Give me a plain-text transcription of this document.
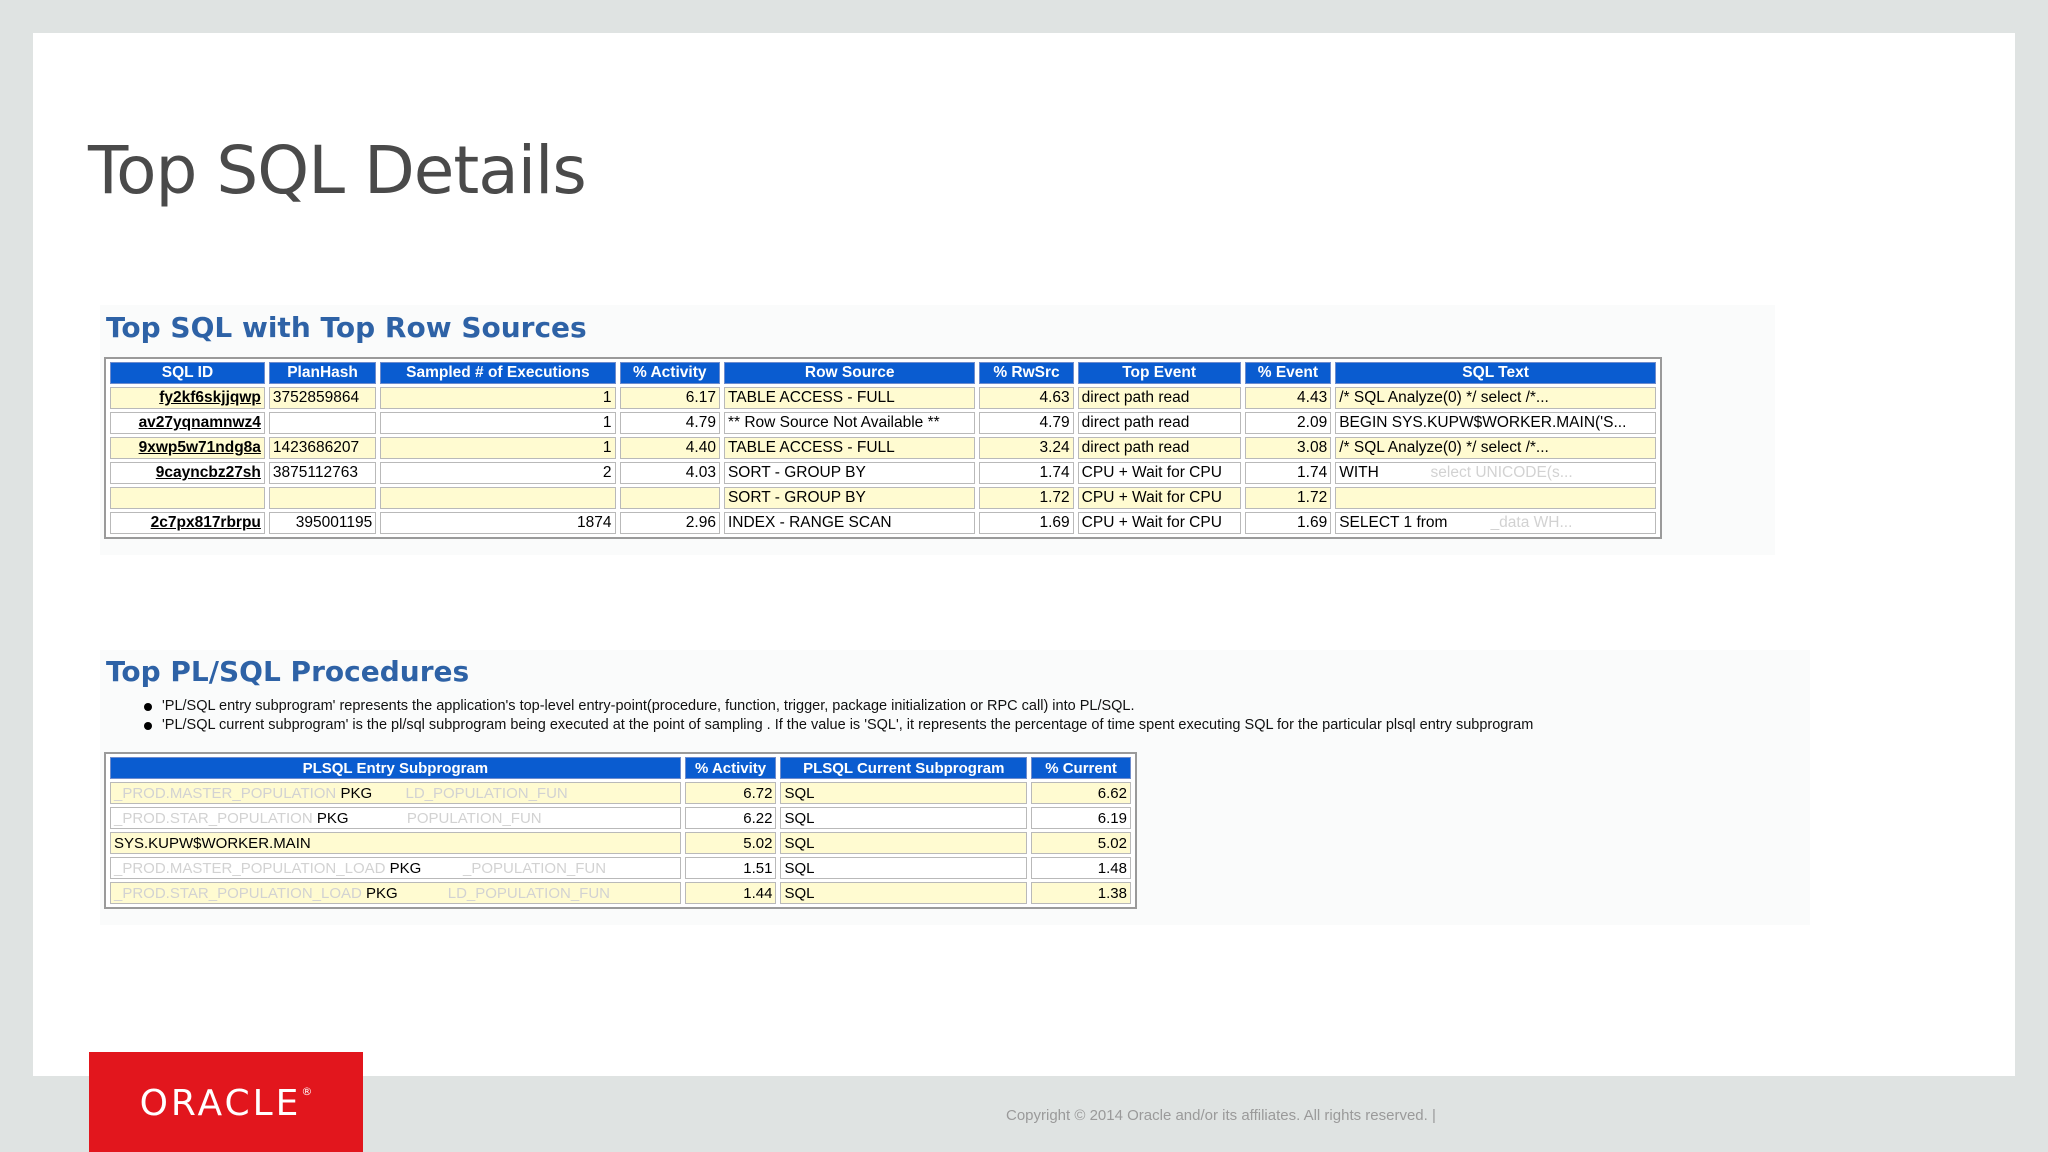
Top SQL Details
Top SQL with Top Row Sources
SQL ID	PlanHash	Sampled # of Executions	% Activity	Row Source	% RwSrc	Top Event	% Event	SQL Text
fy2kf6skjjqwp	3752859864	1	6.17	TABLE ACCESS - FULL	4.63	direct path read	4.43	/* SQL Analyze(0) */ select /*...
av27yqnamnwz4		1	4.79	** Row Source Not Available **	4.79	direct path read	2.09	BEGIN SYS.KUPW$WORKER.MAIN('S...
9xwp5w71ndg8a	1423686207	1	4.40	TABLE ACCESS - FULL	3.24	direct path read	3.08	/* SQL Analyze(0) */ select /*...
9cayncbz27sh	3875112763	2	4.03	SORT - GROUP BY	1.74	CPU + Wait for CPU	1.74	WITH select UNICODE(s...
				SORT - GROUP BY	1.72	CPU + Wait for CPU	1.72	
2c7px817rbrpu	395001195	1874	2.96	INDEX - RANGE SCAN	1.69	CPU + Wait for CPU	1.69	SELECT 1 from _data WH...
Top PL/SQL Procedures
'PL/SQL entry subprogram' represents the application's top-level entry-point(procedure, function, trigger, package initialization or RPC call) into PL/SQL.
'PL/SQL current subprogram' is the pl/sql subprogram being executed at the point of sampling . If the value is 'SQL', it represents the percentage of time spent executing SQL for the particular plsql entry subprogram
PLSQL Entry Subprogram	% Activity	PLSQL Current Subprogram	% Current
_PROD.MASTER_POPULATION PKG LD_POPULATION_FUN	6.72	SQL	6.62
_PROD.STAR_POPULATION PKG POPULATION_FUN	6.22	SQL	6.19
SYS.KUPW$WORKER.MAIN	5.02	SQL	5.02
_PROD.MASTER_POPULATION_LOAD PKG _POPULATION_FUN	1.51	SQL	1.48
_PROD.STAR_POPULATION_LOAD PKG LD_POPULATION_FUN	1.44	SQL	1.38
ORACLE®
Copyright © 2014 Oracle and/or its affiliates. All rights reserved. |
